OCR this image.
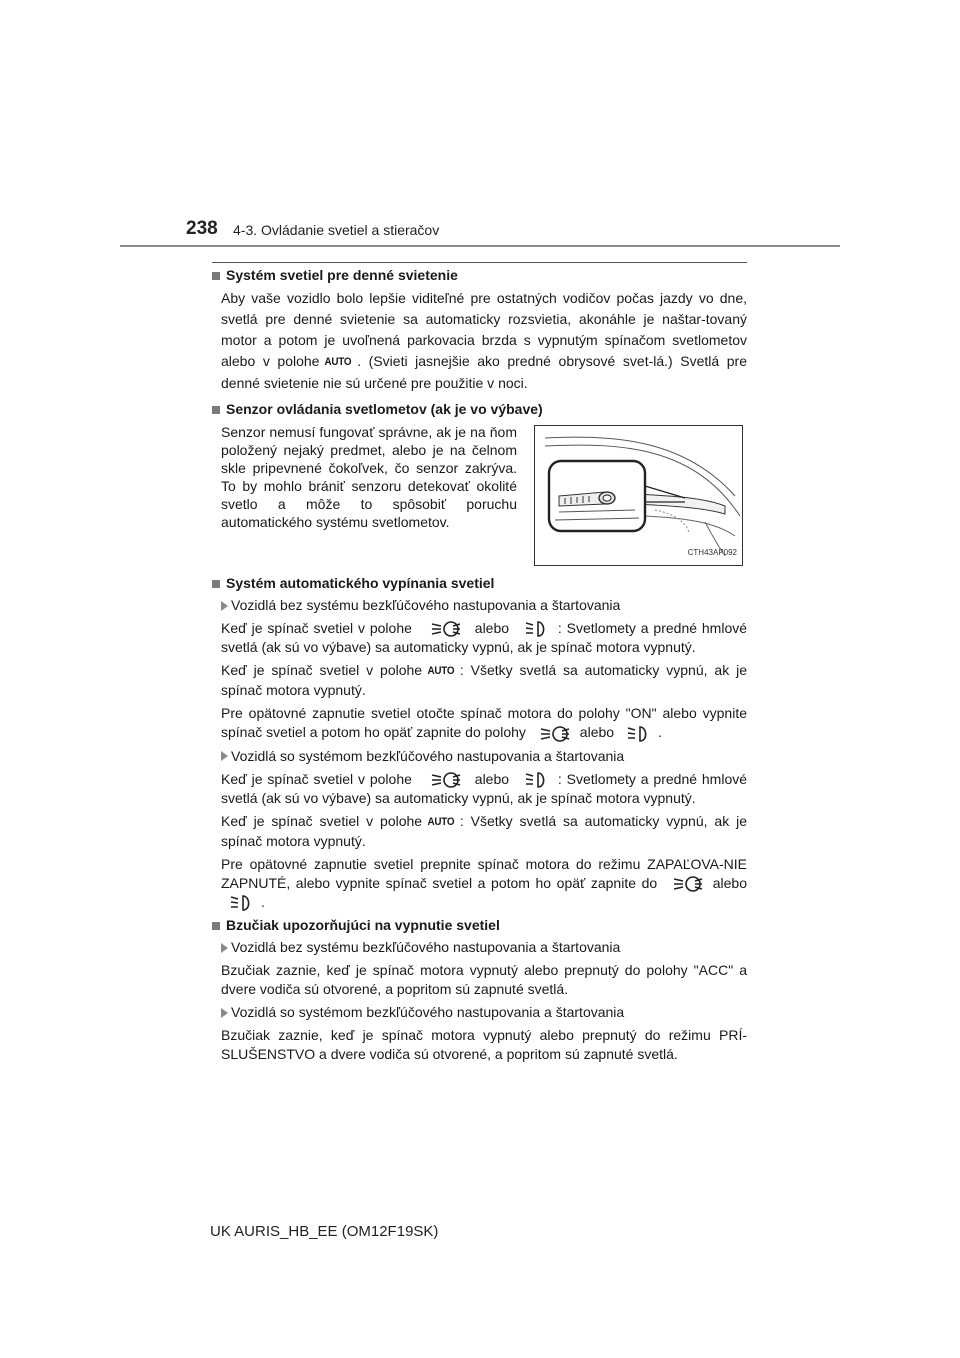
238 4-3. Ovládanie svetiel a stieračov
Systém svetiel pre denné svietenie

Aby vaše vozidlo bolo lepšie viditeľné pre ostatných vodičov počas jazdy vo dne, svetlá pre denné svietenie sa automaticky rozsvietia, akonáhle je naštar-tovaný motor a potom je uvoľnená parkovacia brzda s vypnutým spínačom svetlometov alebo v polohe AUTO . (Svieti jasnejšie ako predné obrysové svet-lá.) Svetlá pre denné svietenie nie sú určené pre použitie v noci.

Senzor ovládania svetlometov (ak je vo výbave)
Senzor nemusí fungovať správne, ak je na ňom položený nejaký predmet, alebo je na čelnom skle pripevnené čokoľvek, čo senzor zakrýva. To by mohlo brániť senzoru detekovať okolité svetlo a môže to spôsobiť poruchu automatického systému svetlometov.
CTH43AP092
Systém automatického vypínania svetiel
Vozidlá bez systému bezkľúčového nastupovania a štartovania

Keď je spínač svetiel v polohe	alebo	: Svetlomety a predné hmlové svetlá (ak sú vo výbave) sa automaticky vypnú, ak je spínač motora vypnutý.

Keď je spínač svetiel v polohe AUTO : Všetky svetlá sa automaticky vypnú, ak je spínač motora vypnutý.

Pre opätovné zapnutie svetiel otočte spínač motora do polohy "ON" alebo vypnite spínač svetiel a potom ho opäť zapnite do polohy	alebo	.

Vozidlá so systémom bezkľúčového nastupovania a štartovania

Keď je spínač svetiel v polohe	alebo	: Svetlomety a predné hmlové svetlá (ak sú vo výbave) sa automaticky vypnú, ak je spínač motora vypnutý.

Keď je spínač svetiel v polohe AUTO : Všetky svetlá sa automaticky vypnú, ak je spínač motora vypnutý.

Pre opätovné zapnutie svetiel prepnite spínač motora do režimu ZAPAĽOVA-NIE ZAPNUTÉ, alebo vypnite spínač svetiel a potom ho opäť zapnite do	alebo .

Bzučiak upozorňujúci na vypnutie svetiel
Vozidlá bez systému bezkľúčového nastupovania a štartovania

Bzučiak zaznie, keď je spínač motora vypnutý alebo prepnutý do polohy "ACC" a dvere vodiča sú otvorené, a popritom sú zapnuté svetlá.

Vozidlá so systémom bezkľúčového nastupovania a štartovania

Bzučiak zaznie, keď je spínač motora vypnutý alebo prepnutý do režimu PRÍ-SLUŠENSTVO a dvere vodiča sú otvorené, a popritom sú zapnuté svetlá.

UK AURIS_HB_EE (OM12F19SK)
